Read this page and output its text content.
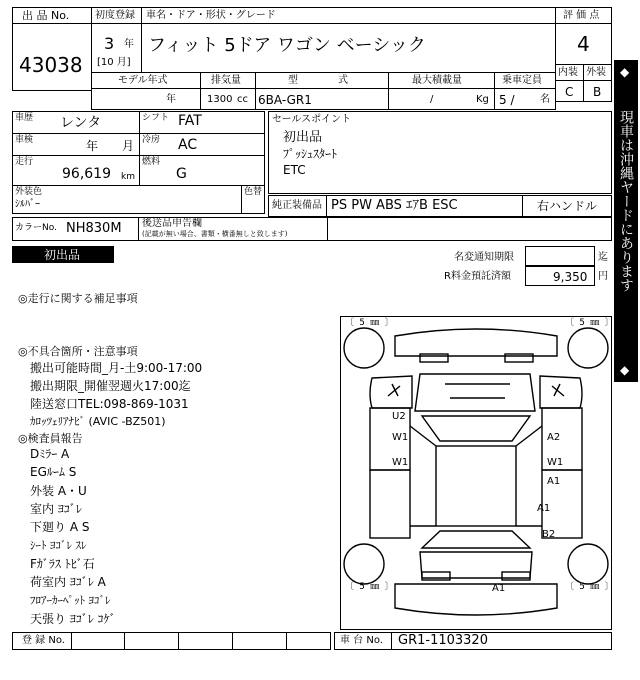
出 品 No.
43038
初度登録
3 年
[10 月]
車名・ドア・形状・グレード
フィット 5ドア ワゴン ベーシック
評 価 点
4
内装 外装
C B
モデル年式
年
排気量
1300 cc
型　　　　式
6BA-GR1
最大積載量
/	Kg
乗車定員
5 /	名
車歴 レンタ	シフト FAT
車検	年 月 冷房 AC
走行
96,619 km
燃料
G
外装色
ｼﾙﾊﾞｰ
色替
カラーNo. NH830M 後送品申告欄
(記載が無い場合、書類・横番無しと致します)
セールスポイント
初出品
ﾌﾟｯｼｭｽﾀｰﾄ
ETC
純正装備品 PS PW ABS ｴｱB ESC	右ハンドル
初出品	名変通知期限	迄
R料金預託済額	9,350 円
◆
現車は沖縄ヤードにあります
◆
◎走行に関する補足事項
◎不具合箇所・注意事項
搬出可能時間_月-土9:00-17:00
搬出期限_開催翌週火17:00迄
陸送窓口TEL:098-869-1031
ｶﾛｯﾂｪﾘｱﾅﾋﾞ (AVIC -BZ501)
◎検査員報告
Dﾐﾗｰ A
EGﾙｰﾑ S
外装 A・U
室内 ﾖｺﾞﾚ
下廻り A S
ｼｰﾄ ﾖｺﾞﾚ ｽﾚ
Fｶﾞﾗｽ ﾄﾋﾞ石
荷室内 ﾖｺﾞﾚ A
ﾌﾛｱｰｶｰﾍﾟｯﾄ ﾖｺﾞﾚ
天張り ﾖｺﾞﾚ ｺｹﾞ
〔 5 ㎜ 〕	〔 5 ㎜ 〕
〔 5 ㎜ 〕	〔 5 ㎜ 〕
U2
W1
W1
A2
W1
A1
A1
B2
A1
登 録 No.	車 台 No. GR1-1103320
